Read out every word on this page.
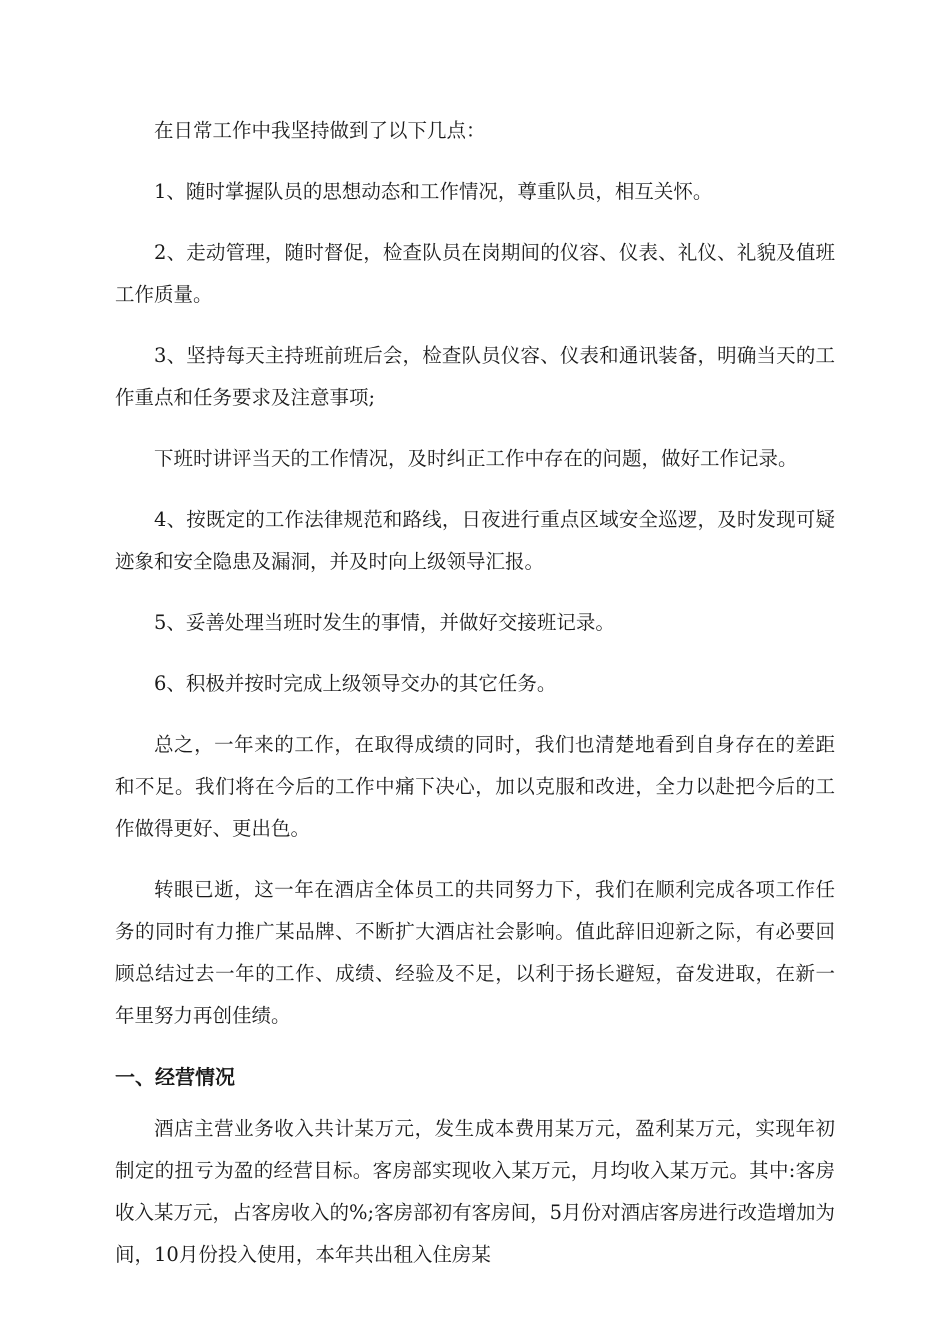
在日常工作中我坚持做到了以下几点：

1、随时掌握队员的思想动态和工作情况，尊重队员，相互关怀。

2、走动管理，随时督促，检查队员在岗期间的仪容、仪表、礼仪、礼貌及值班工作质量。

3、坚持每天主持班前班后会，检查队员仪容、仪表和通讯装备，明确当天的工作重点和任务要求及注意事项;

下班时讲评当天的工作情况，及时纠正工作中存在的问题，做好工作记录。

4、按既定的工作法律规范和路线，日夜进行重点区域安全巡逻，及时发现可疑迹象和安全隐患及漏洞，并及时向上级领导汇报。

5、妥善处理当班时发生的事情，并做好交接班记录。

6、积极并按时完成上级领导交办的其它任务。

总之，一年来的工作，在取得成绩的同时，我们也清楚地看到自身存在的差距和不足。我们将在今后的工作中痛下决心，加以克服和改进，全力以赴把今后的工作做得更好、更出色。

转眼已逝，这一年在酒店全体员工的共同努力下，我们在顺利完成各项工作任务的同时有力推广某品牌、不断扩大酒店社会影响。值此辞旧迎新之际，有必要回顾总结过去一年的工作、成绩、经验及不足，以利于扬长避短，奋发进取，在新一年里努力再创佳绩。

一、经营情况

酒店主营业务收入共计某万元，发生成本费用某万元，盈利某万元，实现年初制定的扭亏为盈的经营目标。客房部实现收入某万元，月均收入某万元。其中:客房收入某万元，占客房收入的%;客房部初有客房间，5月份对酒店客房进行改造增加为间，10月份投入使用，本年共出租入住房某
